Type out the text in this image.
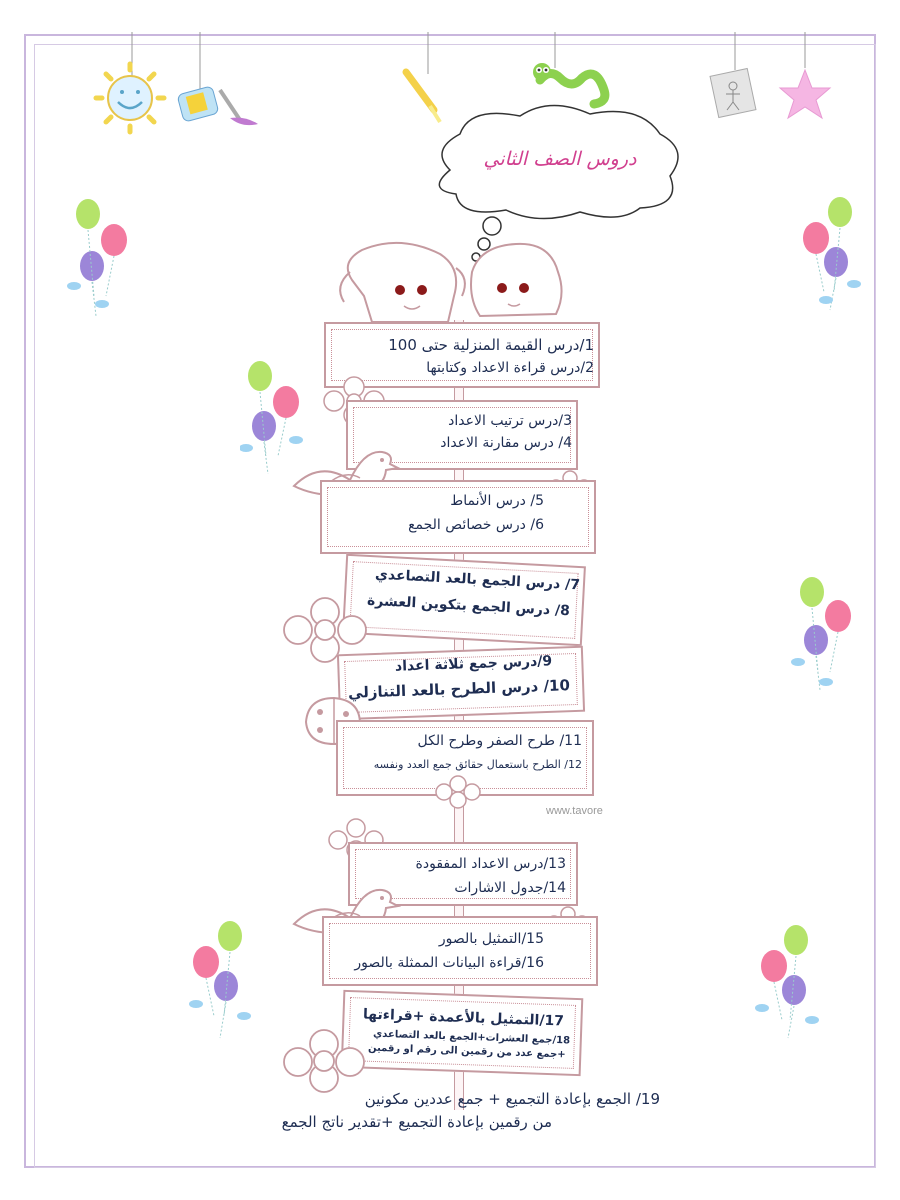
دروس الصف الثاني
1/درس القيمة المنزلية حتى 100
2/درس قراءة الاعداد وكتابتها
3/درس ترتيب الاعداد
4/ درس مقارنة الاعداد
5/ درس الأنماط
6/ درس خصائص الجمع
7/ درس الجمع بالعد التصاعدي
8/ درس الجمع بتكوين العشرة
9/درس جمع ثلاثة اعداد
10/ درس الطرح بالعد التنازلي
11/ طرح الصفر وطرح الكل
12/ الطرح باستعمال حقائق جمع العدد ونفسه
www.tavore
13/درس الاعداد المفقودة
14/جدول الاشارات
15/التمثيل بالصور
16/قراءة البيانات الممثلة بالصور
17/التمثيل بالأعمدة +قراءتها
18/جمع العشرات+الجمع بالعد التصاعدي
+جمع عدد من رقمين الى رقم او رقمين
19/ الجمع بإعادة التجميع + جمع عددين مكونين
من رقمين بإعادة التجميع +تقدير ناتج الجمع
